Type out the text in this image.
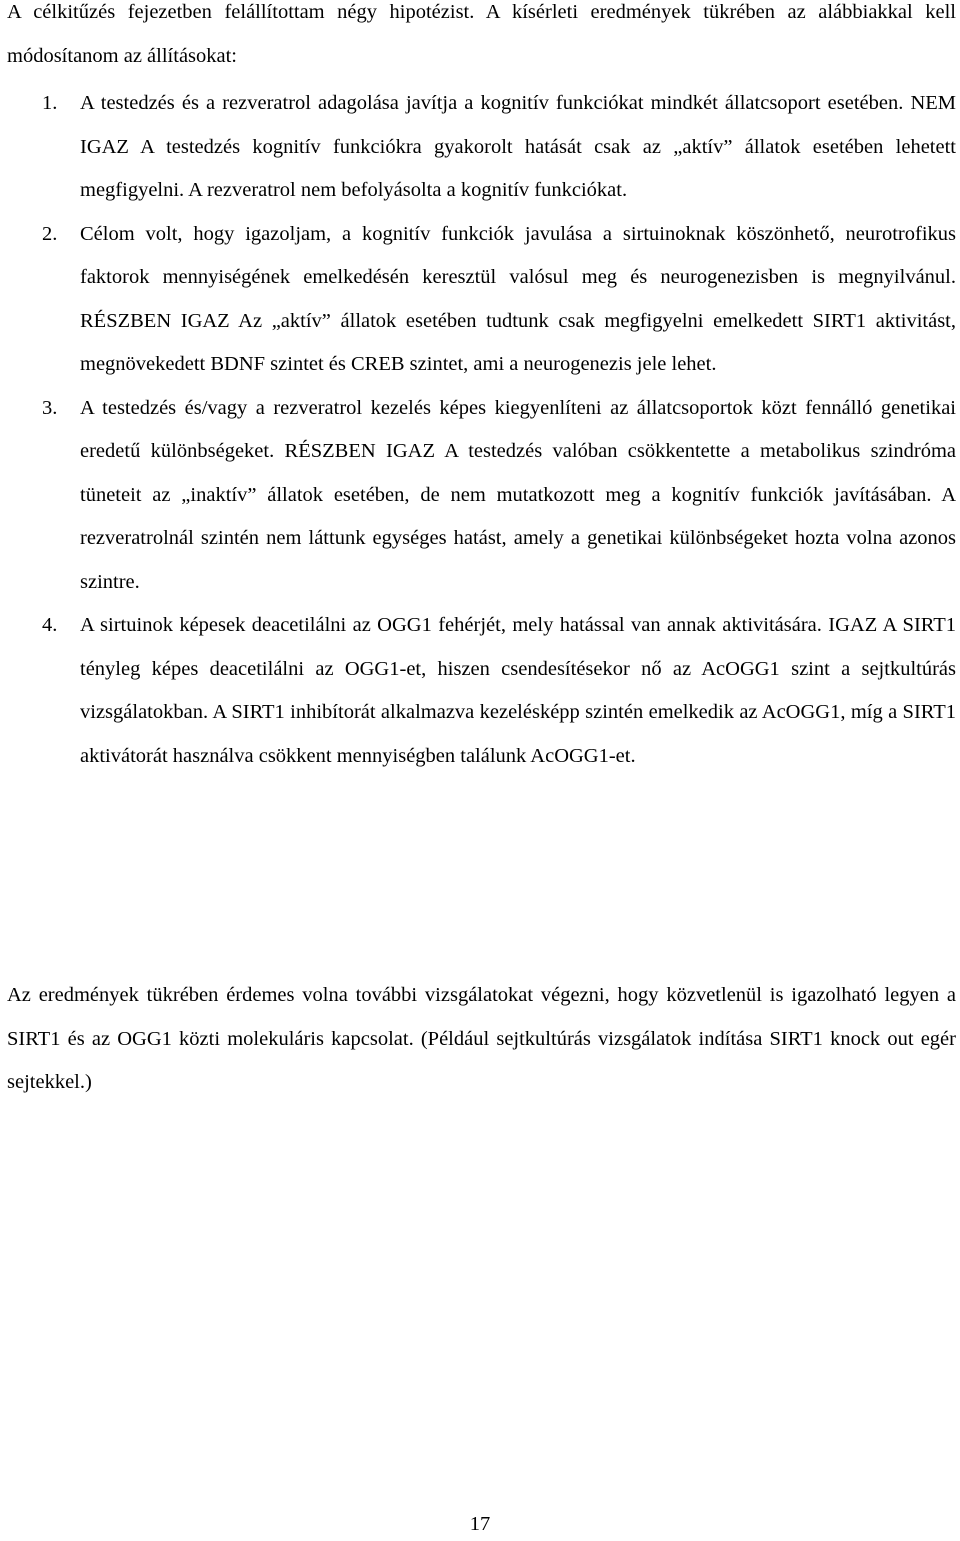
A célkitűzés fejezetben felállítottam négy hipotézist. A kísérleti eredmények tükrében az alábbiakkal kell módosítanom az állításokat:

1. A testedzés és a rezveratrol adagolása javítja a kognitív funkciókat mindkét állatcsoport esetében. NEM IGAZ A testedzés kognitív funkciókra gyakorolt hatását csak az „aktív” állatok esetében lehetett megfigyelni. A rezveratrol nem befolyásolta a kognitív funkciókat.
2. Célom volt, hogy igazoljam, a kognitív funkciók javulása a sirtuinoknak köszönhető, neurotrofikus faktorok mennyiségének emelkedésén keresztül valósul meg és neurogenezisben is megnyilvánul. RÉSZBEN IGAZ Az „aktív” állatok esetében tudtunk csak megfigyelni emelkedett SIRT1 aktivitást, megnövekedett BDNF szintet és CREB szintet, ami a neurogenezis jele lehet.
3. A testedzés és/vagy a rezveratrol kezelés képes kiegyenlíteni az állatcsoportok közt fennálló genetikai eredetű különbségeket. RÉSZBEN IGAZ A testedzés valóban csökkentette a metabolikus szindróma tüneteit az „inaktív” állatok esetében, de nem mutatkozott meg a kognitív funkciók javításában. A rezveratrolnál szintén nem láttunk egységes hatást, amely a genetikai különbségeket hozta volna azonos szintre.
4. A sirtuinok képesek deacetilálni az OGG1 fehérjét, mely hatással van annak aktivitására. IGAZ A SIRT1 tényleg képes deacetilálni az OGG1-et, hiszen csendesítésekor nő az AcOGG1 szint a sejtkultúrás vizsgálatokban. A SIRT1 inhibítorát alkalmazva kezelésképp szintén emelkedik az AcOGG1, míg a SIRT1 aktivátorát használva csökkent mennyiségben találunk AcOGG1-et.

Az eredmények tükrében érdemes volna további vizsgálatokat végezni, hogy közvetlenül is igazolható legyen a SIRT1 és az OGG1 közti molekuláris kapcsolat. (Például sejtkultúrás vizsgálatok indítása SIRT1 knock out egér sejtekkel.)

17
